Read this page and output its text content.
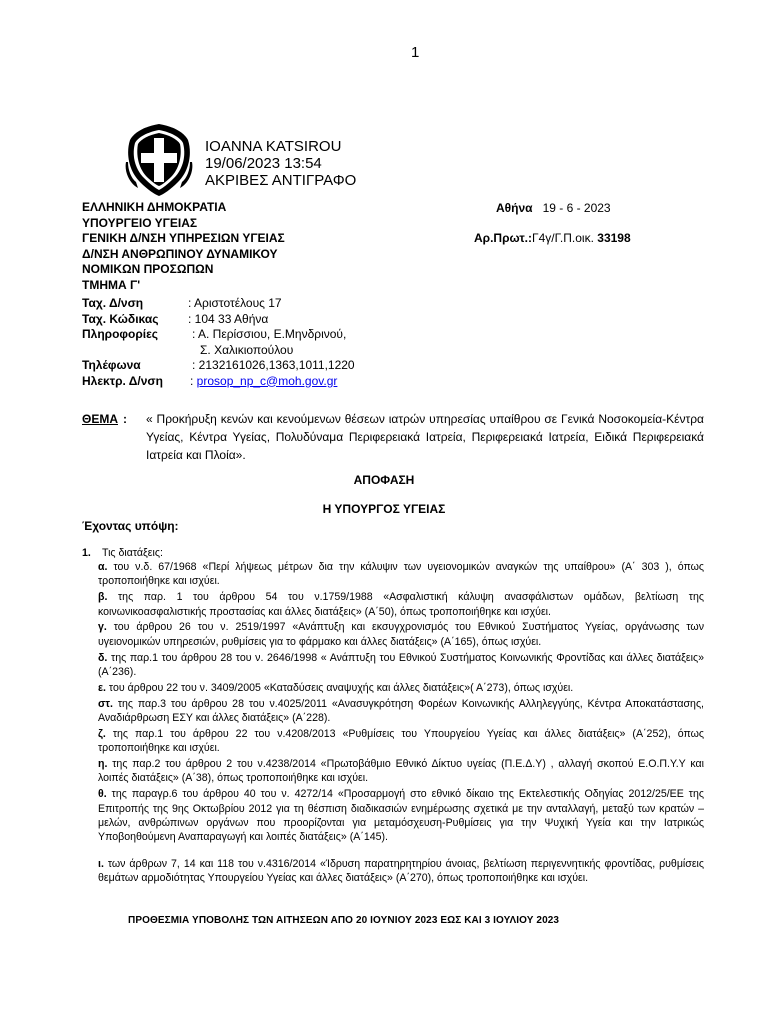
1
IOANNA KATSIROU
19/06/2023 13:54
ΑΚΡΙΒΕΣ ΑΝΤΙΓΡΑΦΟ
ΕΛΛΗΝΙΚΗ ΔΗΜΟΚΡΑΤΙΑ
ΥΠΟΥΡΓΕΙΟ ΥΓΕΙΑΣ
ΓΕΝΙΚΗ Δ/ΝΣΗ ΥΠΗΡΕΣΙΩΝ ΥΓΕΙΑΣ
Δ/ΝΣΗ ΑΝΘΡΩΠΙΝΟΥ ΔΥΝΑΜΙΚΟΥ
ΝΟΜΙΚΩΝ ΠΡΟΣΩΠΩΝ
ΤΜΗΜΑ Γ'
Αθήνα 19 - 6 - 2023
Αρ.Πρωτ.:Γ4γ/Γ.Π.οικ. 33198
Ταχ. Δ/νση	: Αριστοτέλους 17
Ταχ. Κώδικας : 104 33 Αθήνα
Πληροφορίες	: Α. Περίσσιου, Ε.Μηνδρινού,
Σ. Χαλικιοπούλου
Τηλέφωνα	: 2132161026,1363,1011,1220
Ηλεκτρ. Δ/νση : prosop_np_c@moh.gov.gr
ΘΕΜΑ : « Προκήρυξη κενών και κενούμενων θέσεων ιατρών υπηρεσίας υπαίθρου σε Γενικά Νοσοκομεία-Κέντρα Υγείας, Κέντρα Υγείας, Πολυδύναμα Περιφερειακά Ιατρεία, Περιφερειακά Ιατρεία, Ειδικά Περιφερειακά Ιατρεία και Πλοία».
ΑΠΟΦΑΣΗ
Η ΥΠΟΥΡΓΟΣ ΥΓΕΙΑΣ
Έχοντας υπόψη:
1. Τις διατάξεις:
α. του ν.δ. 67/1968 «Περί λήψεως μέτρων δια την κάλυψιν των υγειονομικών αναγκών της υπαίθρου» (Α΄ 303 ), όπως τροποποιήθηκε και ισχύει.
β. της παρ. 1 του άρθρου 54 του ν.1759/1988 «Ασφαλιστική κάλυψη ανασφάλιστων ομάδων, βελτίωση της κοινωνικοασφαλιστικής προστασίας και άλλες διατάξεις» (Α΄50), όπως τροποποιήθηκε και ισχύει.
γ. του άρθρου 26 του ν. 2519/1997 «Ανάπτυξη και εκσυγχρονισμός του Εθνικού Συστήματος Υγείας, οργάνωσης των υγειονομικών υπηρεσιών, ρυθμίσεις για το φάρμακο και άλλες διατάξεις» (Α΄165), όπως ισχύει.
δ. της παρ.1 του άρθρου 28 του ν. 2646/1998 « Ανάπτυξη του Εθνικού Συστήματος Κοινωνικής Φροντίδας και άλλες διατάξεις» (Α΄236).
ε. του άρθρου 22 του ν. 3409/2005 «Καταδύσεις αναψυχής και άλλες διατάξεις»( Α΄273), όπως ισχύει.
στ. της παρ.3 του άρθρου 28 του ν.4025/2011 «Ανασυγκρότηση Φορέων Κοινωνικής Αλληλεγγύης, Κέντρα Αποκατάστασης, Αναδιάρθρωση ΕΣΥ και άλλες διατάξεις» (Α΄228).
ζ. της παρ.1 του άρθρου 22 του ν.4208/2013 «Ρυθμίσεις του Υπουργείου Υγείας και άλλες διατάξεις» (Α΄252), όπως τροποποιήθηκε και ισχύει.
η. της παρ.2 του άρθρου 2 του ν.4238/2014 «Πρωτοβάθμιο Εθνικό Δίκτυο υγείας (Π.Ε.Δ.Υ) , αλλαγή σκοπού Ε.Ο.Π.Υ.Υ και λοιπές διατάξεις» (Α΄38), όπως τροποποιήθηκε και ισχύει.
θ. της παραγρ.6 του άρθρου 40 του ν. 4272/14 «Προσαρμογή στο εθνικό δίκαιο της Εκτελεστικής Οδηγίας 2012/25/ΕΕ της Επιτροπής της 9ης Οκτωβρίου 2012 για τη θέσπιση διαδικασιών ενημέρωσης σχετικά με την ανταλλαγή, μεταξύ των κρατών – μελών, ανθρώπινων οργάνων που προορίζονται για μεταμόσχευση-Ρυθμίσεις για την Ψυχική Υγεία και την Ιατρικώς Υποβοηθούμενη Αναπαραγωγή και λοιπές διατάξεις» (Α΄145).
ι. των άρθρων 7, 14 και 118 του ν.4316/2014 «Ίδρυση παρατηρητηρίου άνοιας, βελτίωση περιγεννητικής φροντίδας, ρυθμίσεις θεμάτων αρμοδιότητας Υπουργείου Υγείας και άλλες διατάξεις» (Α΄270), όπως τροποποιήθηκε και ισχύει.
ΠΡΟΘΕΣΜΙΑ ΥΠΟΒΟΛΗΣ ΤΩΝ ΑΙΤΗΣΕΩΝ ΑΠΟ 20 ΙΟΥΝΙΟΥ 2023 ΕΩΣ ΚΑΙ 3 ΙΟΥΛΙΟΥ 2023
